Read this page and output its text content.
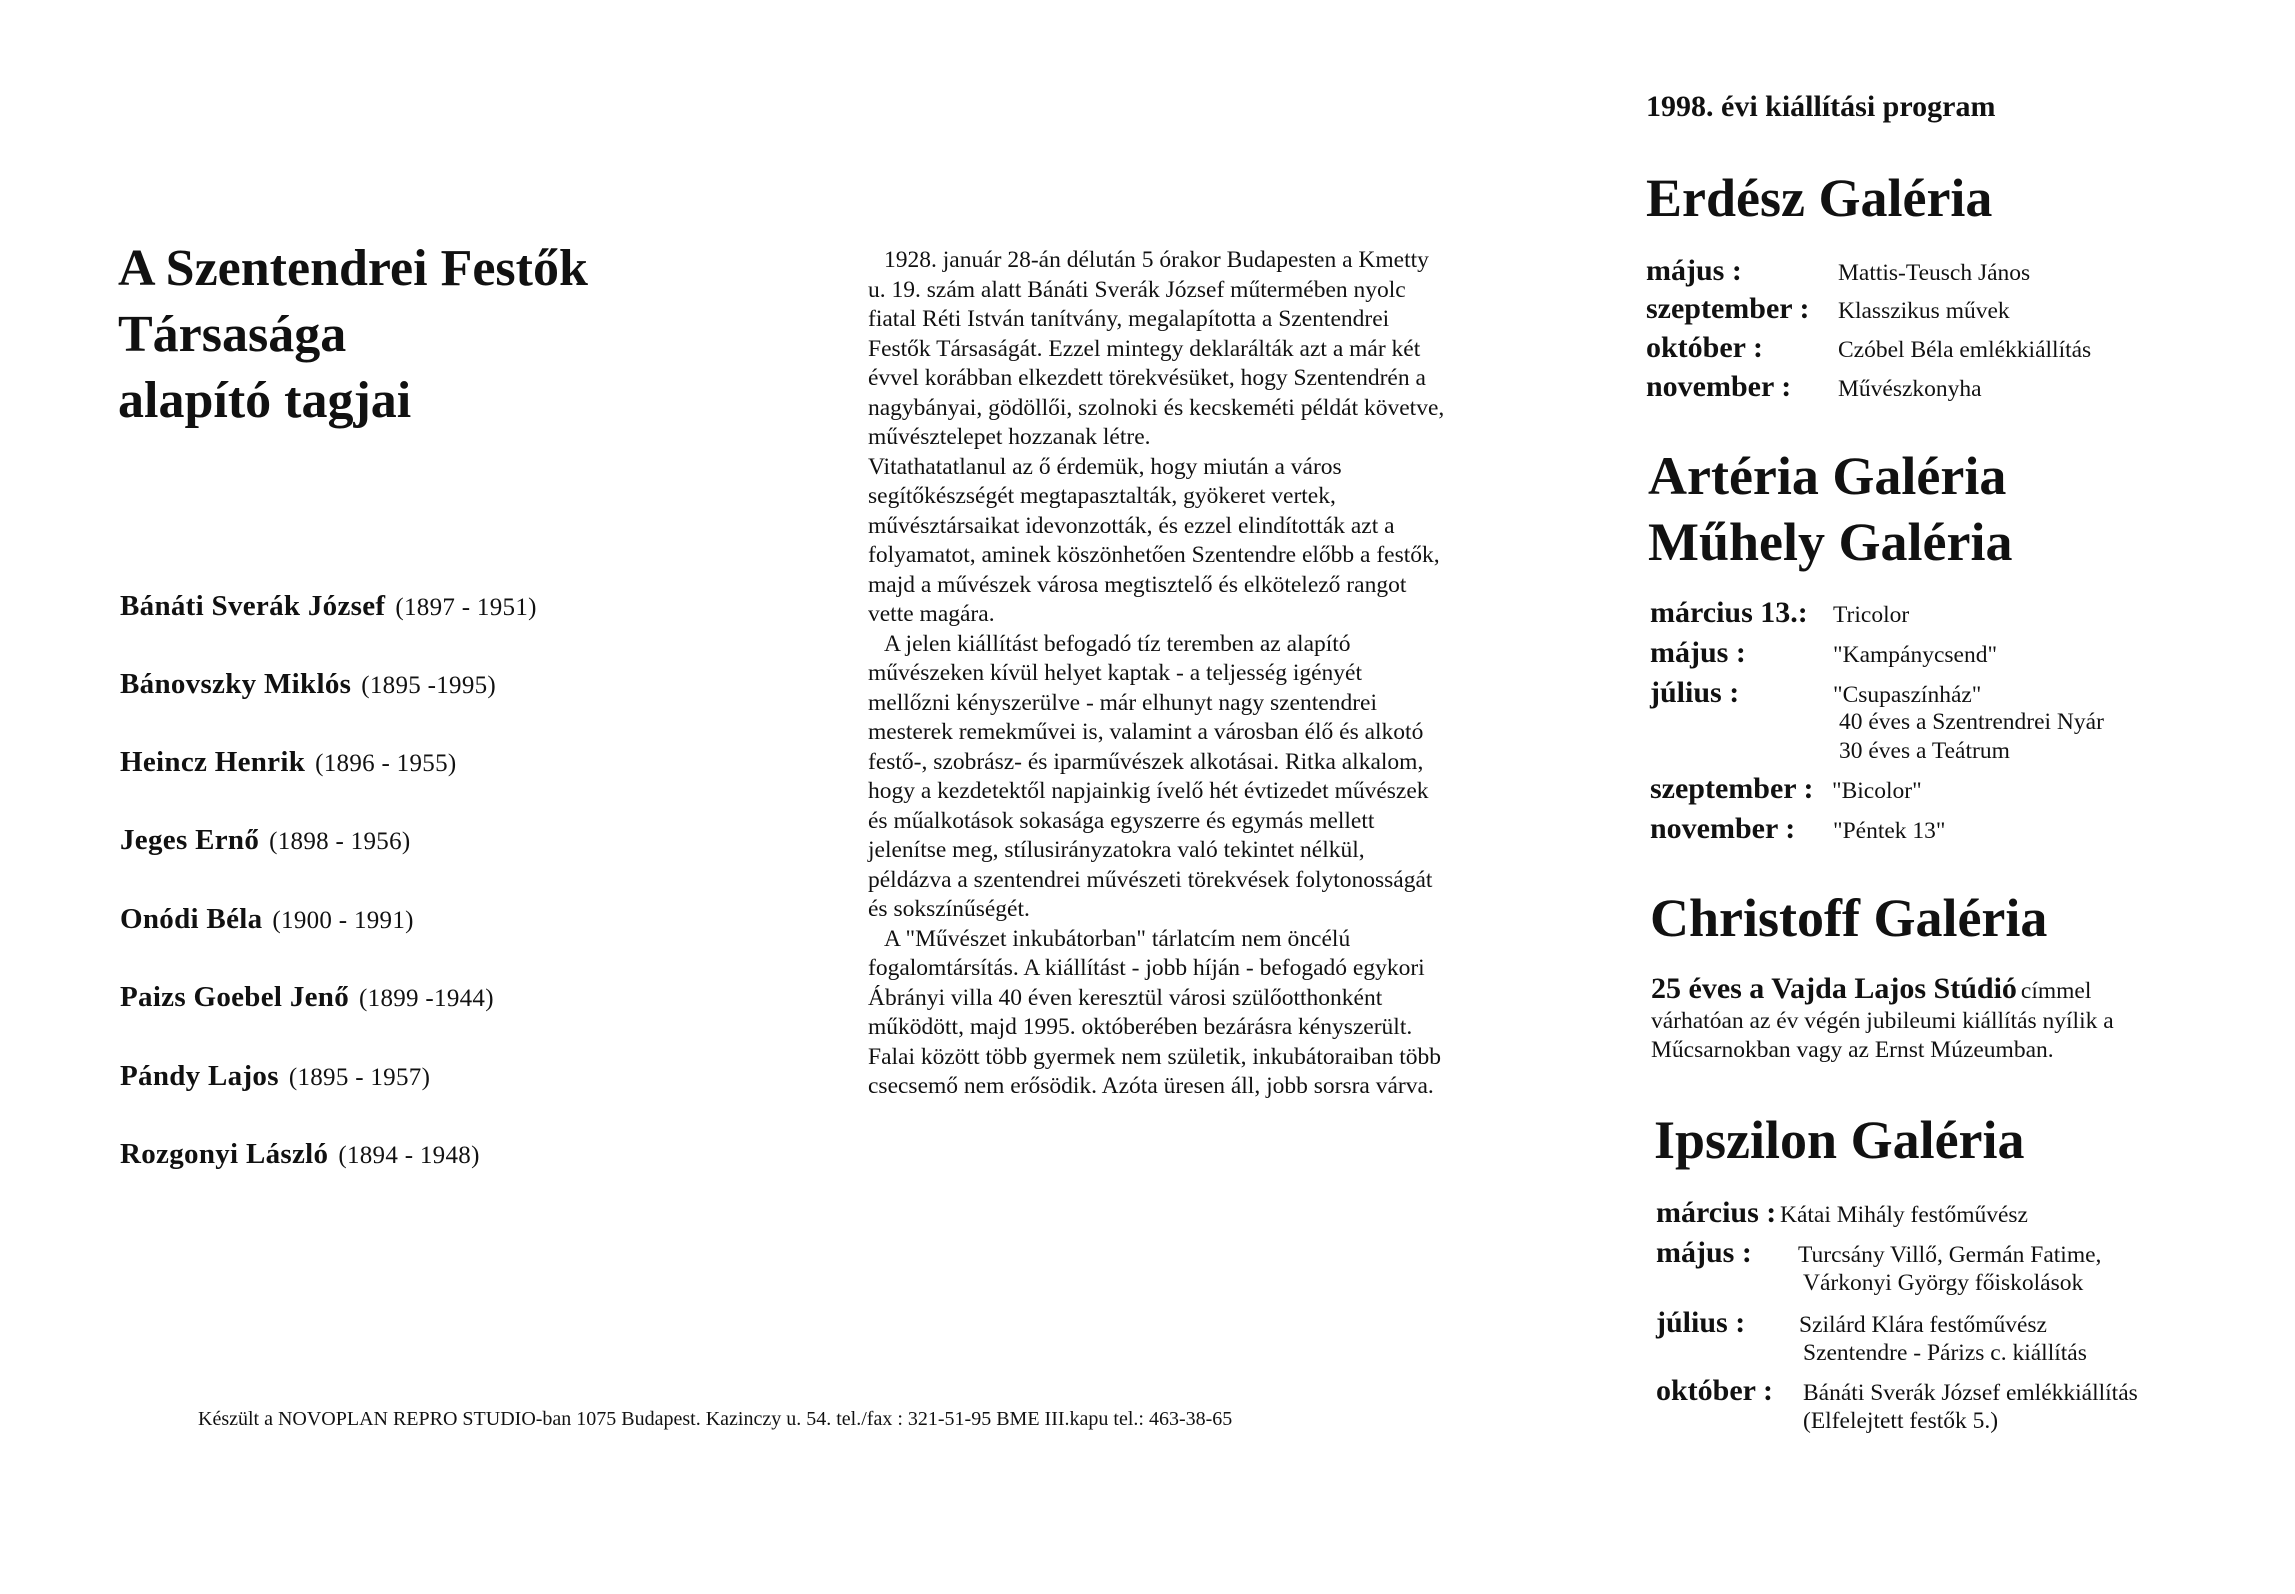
A Szentendrei Festők
Társasága
alapító tagjai
Bánáti Sverák József (1897 - 1951)
Bánovszky Miklós (1895 -1995)
Heincz Henrik (1896 - 1955)
Jeges Ernő (1898 - 1956)
Onódi Béla (1900 - 1991)
Paizs Goebel Jenő (1899 -1944)
Pándy Lajos (1895 - 1957)
Rozgonyi László (1894 - 1948)

1928. január 28-án délután 5 órakor Budapesten a Kmetty u. 19. szám alatt Bánáti Sverák József műtermében nyolc fiatal Réti István tanítvány, megalapította a Szentendrei Festők Társaságát. Ezzel mintegy deklarálták azt a már két évvel korábban elkezdett törekvésüket, hogy Szentendrén a nagybányai, gödöllői, szolnoki és kecskeméti példát követve, művésztelepet hozzanak létre.

Vitathatatlanul az ő érdemük, hogy miután a város segítőkészségét megtapasztalták, gyökeret vertek, művésztársaikat idevonzották, és ezzel elindították azt a folyamatot, aminek köszönhetően Szentendre előbb a festők, majd a művészek városa megtisztelő és elkötelező rangot vette magára.

A jelen kiállítást befogadó tíz teremben az alapító művészeken kívül helyet kaptak - a teljesség igényét mellőzni kényszerülve - már elhunyt nagy szentendrei mesterek remekművei is, valamint a városban élő és alkotó festő-, szobrász- és iparművészek alkotásai. Ritka alkalom, hogy a kezdetektől napjainkig ívelő hét évtizedet művészek és műalkotások sokasága egyszerre és egymás mellett jelenítse meg, stílusirányzatokra való tekintet nélkül, példázva a szentendrei művészeti törekvések folytonosságát és sokszínűségét.

A "Művészet inkubátorban" tárlatcím nem öncélú fogalomtársítás. A kiállítást - jobb híján - befogadó egykori Ábrányi villa 40 éven keresztül városi szülőotthonként működött, majd 1995. októberében bezárásra kényszerült. Falai között több gyermek nem születik, inkubátoraiban több csecsemő nem erősödik. Azóta üresen áll, jobb sorsra várva.

Készült a NOVOPLAN REPRO STUDIO-ban 1075 Budapest. Kazinczy u. 54. tel./fax : 321-51-95 BME III.kapu tel.: 463-38-65
1998. évi kiállítási program
Erdész Galéria
május :	Mattis-Teusch János
szeptember : Klasszikus művek
október :	Czóbel Béla emlékkiállítás
november : Művészkonyha
Artéria Galéria
Műhely Galéria
március 13.: Tricolor
május :	"Kampánycsend"
július :	"Csupaszínház"
40 éves a Szentrendrei Nyár
30 éves a Teátrum
szeptember : "Bicolor"
november : "Péntek 13"
Christoff Galéria
25 éves a Vajda Lajos Stúdió címmel
várhatóan az év végén jubileumi kiállítás nyílik a
Műcsarnokban vagy az Ernst Múzeumban.
Ipszilon Galéria
március : Kátai Mihály festőművész
május : Turcsány Villő, Germán Fatime,
Várkonyi György főiskolások
július : Szilárd Klára festőművész
Szentendre - Párizs c. kiállítás
október : Bánáti Sverák József emlékkiállítás
(Elfelejtett festők 5.)
